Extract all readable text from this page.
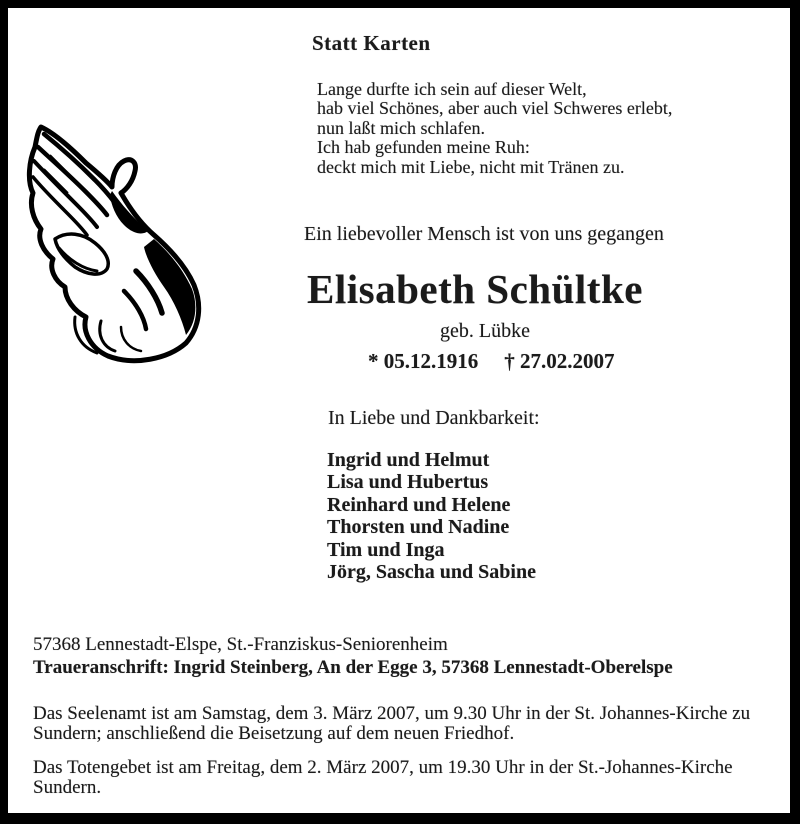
Statt Karten
Lange durfte ich sein auf dieser Welt,
hab viel Schönes, aber auch viel Schweres erlebt,
nun laßt mich schlafen.
Ich hab gefunden meine Ruh:
deckt mich mit Liebe, nicht mit Tränen zu.
Ein liebevoller Mensch ist von uns gegangen
Elisabeth Schültke
geb. Lübke
* 05.12.1916 † 27.02.2007
In Liebe und Dankbarkeit:
Ingrid und Helmut
Lisa und Hubertus
Reinhard und Helene
Thorsten und Nadine
Tim und Inga
Jörg, Sascha und Sabine
57368 Lennestadt-Elspe, St.-Franziskus-Seniorenheim
Traueranschrift: Ingrid Steinberg, An der Egge 3, 57368 Lennestadt-Oberelspe
Das Seelenamt ist am Samstag, dem 3. März 2007, um 9.30 Uhr in der St. Johannes-Kirche zu
Sundern; anschließend die Beisetzung auf dem neuen Friedhof.
Das Totengebet ist am Freitag, dem 2. März 2007, um 19.30 Uhr in der St.-Johannes-Kirche
Sundern.
